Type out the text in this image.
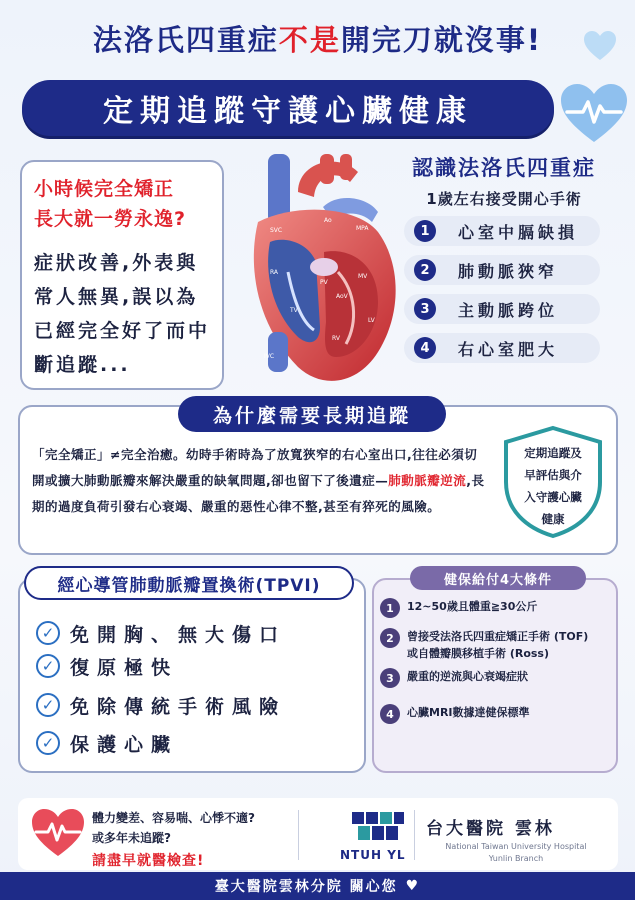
法洛氏四重症不是開完刀就沒事!
定期追蹤守護心臟健康
小時候完全矯正
長大就一勞永逸?
症狀改善,外表與常人無異,誤以為已經完全好了而中斷追蹤...
SVC
Ao
MPA
RA
PV
MV
AoV
TV
RV
LV
IVC
認識法洛氏四重症
1歲左右接受開心手術
1	心室中膈缺損
2	肺動脈狹窄
3	主動脈跨位
4	右心室肥大
為什麼需要長期追蹤
「完全矯正」≠完全治癒。幼時手術時為了放寬狹窄的右心室出口,往往必須切開或擴大肺動脈瓣來解決嚴重的缺氧問題,卻也留下了後遺症—肺動脈瓣逆流,長期的過度負荷引發右心衰竭、嚴重的惡性心律不整,甚至有猝死的風險。
定期追蹤及
早評估與介
入守護心臟
健康
經心導管肺動脈瓣置換術(TPVI)
✓ 免開胸、無大傷口
✓ 復原極快
✓ 免除傳統手術風險
✓ 保護心臟
健保給付4大條件
1	12~50歲且體重≧30公斤
2	曾接受法洛氏四重症矯正手術 (TOF)
或自體瓣膜移植手術 (Ross)
3	嚴重的逆流與心衰竭症狀
4	心臟MRI數據達健保標準
體力變差、容易喘、心悸不適?
或多年未追蹤?
請盡早就醫檢查!	NTUH YL
台大醫院 雲林
National Taiwan University Hospital
Yunlin Branch
臺大醫院雲林分院 關心您 ♥
